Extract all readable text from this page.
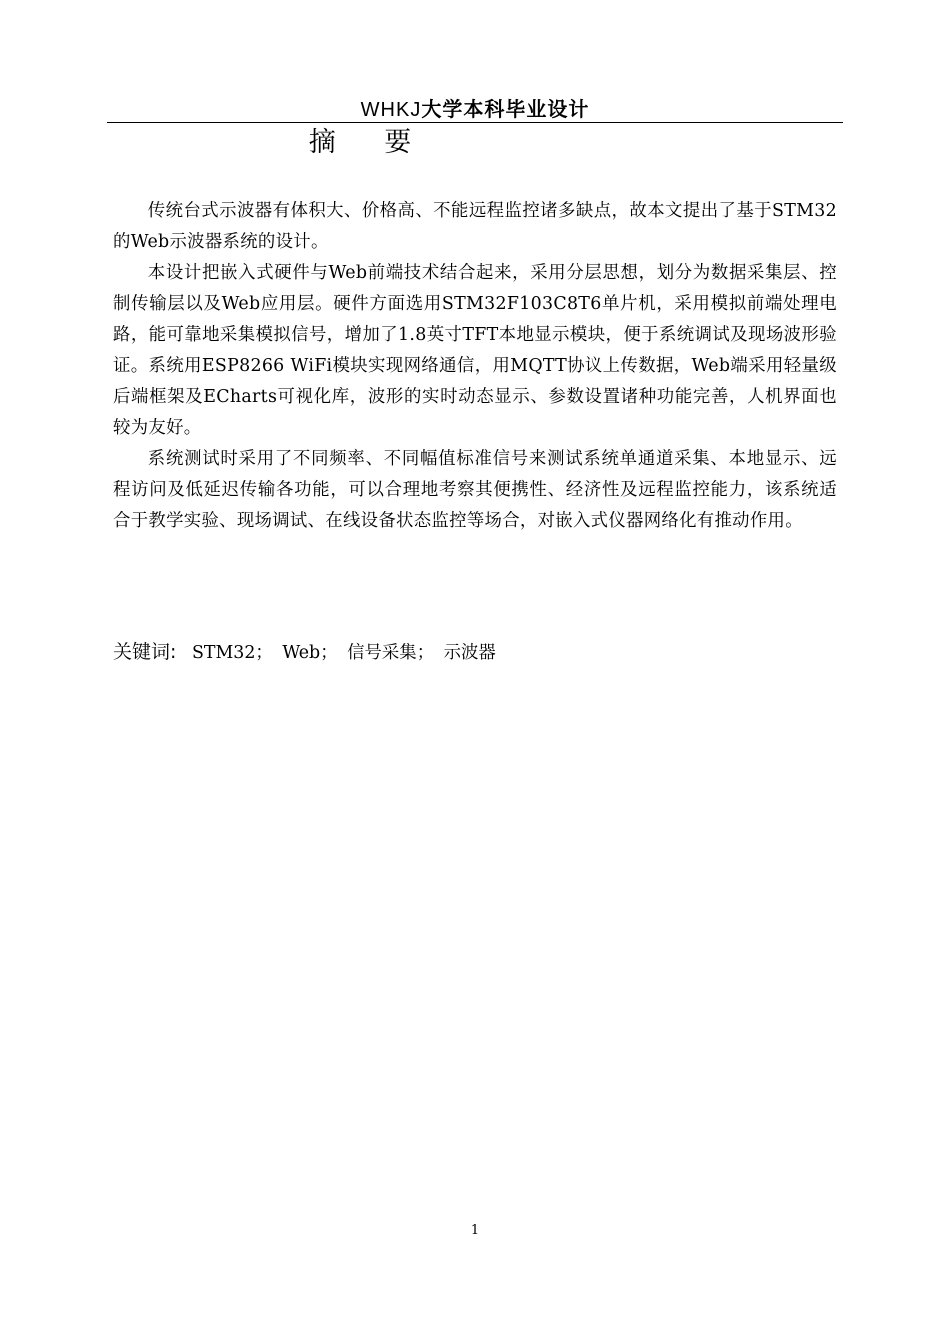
WHKJ大学本科毕业设计
摘 要

传统台式示波器有体积大、价格高、不能远程监控诸多缺点，故本文提出了基于STM32的Web示波器系统的设计。

本设计把嵌入式硬件与Web前端技术结合起来，采用分层思想，划分为数据采集层、控制传输层以及Web应用层。硬件方面选用STM32F103C8T6单片机，采用模拟前端处理电路，能可靠地采集模拟信号，增加了1.8英寸TFT本地显示模块，便于系统调试及现场波形验证。系统用ESP8266 WiFi模块实现网络通信，用MQTT协议上传数据，Web端采用轻量级后端框架及ECharts可视化库，波形的实时动态显示、参数设置诸种功能完善，人机界面也较为友好。

系统测试时采用了不同频率、不同幅值标准信号来测试系统单通道采集、本地显示、远程访问及低延迟传输各功能，可以合理地考察其便携性、经济性及远程监控能力，该系统适合于教学实验、现场调试、在线设备状态监控等场合，对嵌入式仪器网络化有推动作用。

关键词: STM32； Web； 信号采集； 示波器
1
